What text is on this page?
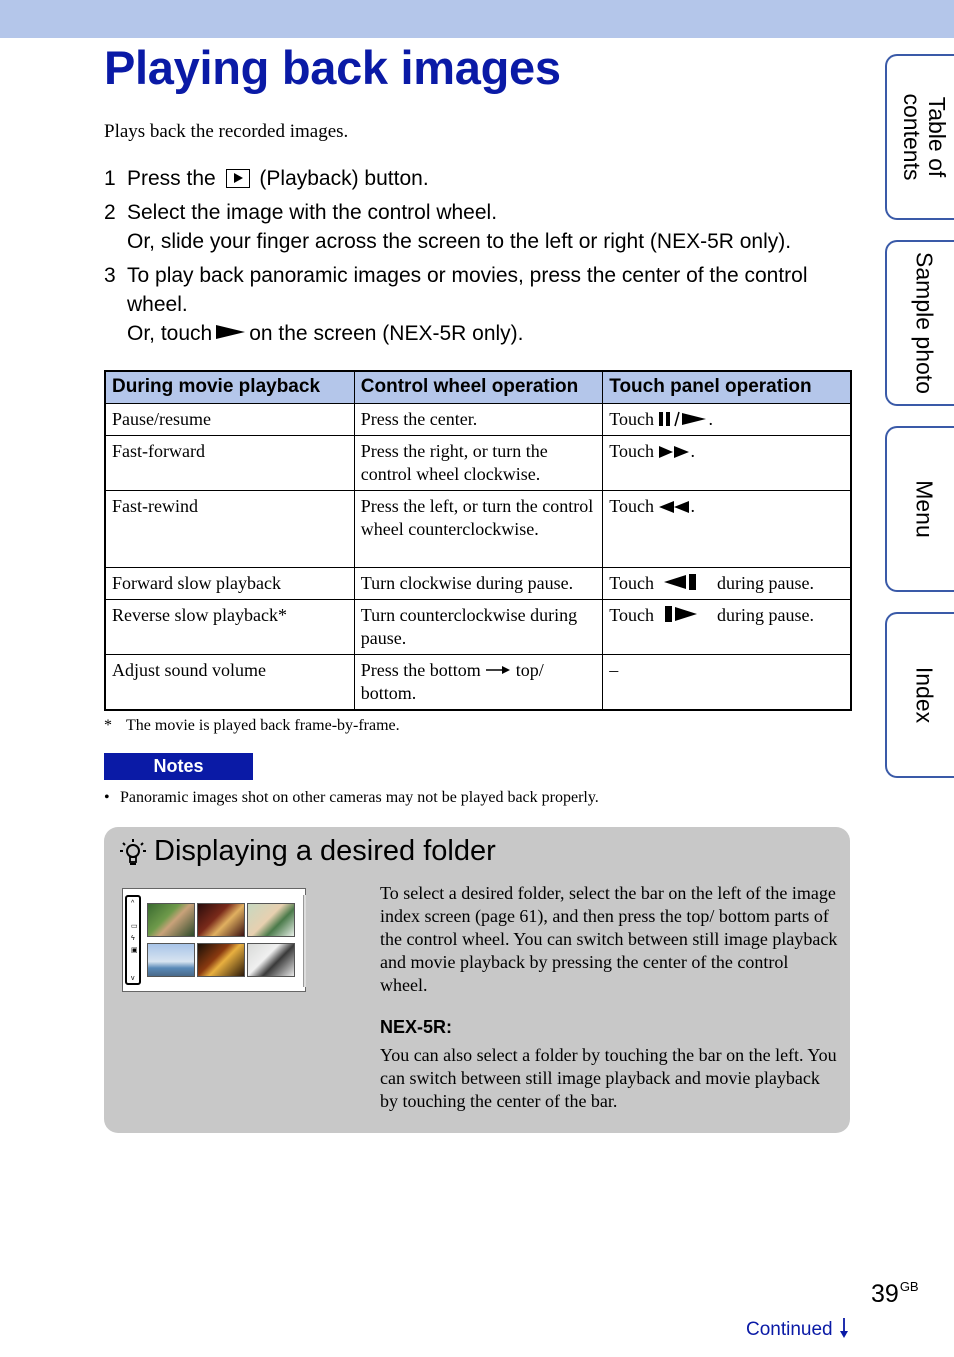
Playing back images

Plays back the recorded images.

1 Press the (Playback) button.
2 Select the image with the control wheel.
Or, slide your finger across the screen to the left or right (NEX-5R only).
3 To play back panoramic images or movies, press the center of the control wheel.
Or, touch on the screen (NEX-5R only).
During movie playback	Control wheel operation	Touch panel operation
Pause/resume	Press the center.	Touch .
Fast-forward	Press the right, or turn the control wheel clockwise.	Touch .
Fast-rewind	Press the left, or turn the control wheel counterclockwise.	Touch .
Forward slow playback	Turn clockwise during pause.	Touch during pause.
Reverse slow playback*	Turn counterclockwise during pause.	Touch during pause.
Adjust sound volume	Press the bottom top/ bottom.	–
* The movie is played back frame-by-frame.
Notes
• Panoramic images shot on other cameras may not be played back properly.
Displaying a desired folder
^
▭
ϟ
▣
v

To select a desired folder, select the bar on the left of the image index screen (page 61), and then press the top/ bottom parts of the control wheel. You can switch between still image playback and movie playback by pressing the center of the control wheel.

NEX-5R:

You can also select a folder by touching the bar on the left. You can switch between still image playback and movie playback by touching the center of the bar.

Table of contents
Sample photo
Menu
Index
$39^{GB}$
Continued
